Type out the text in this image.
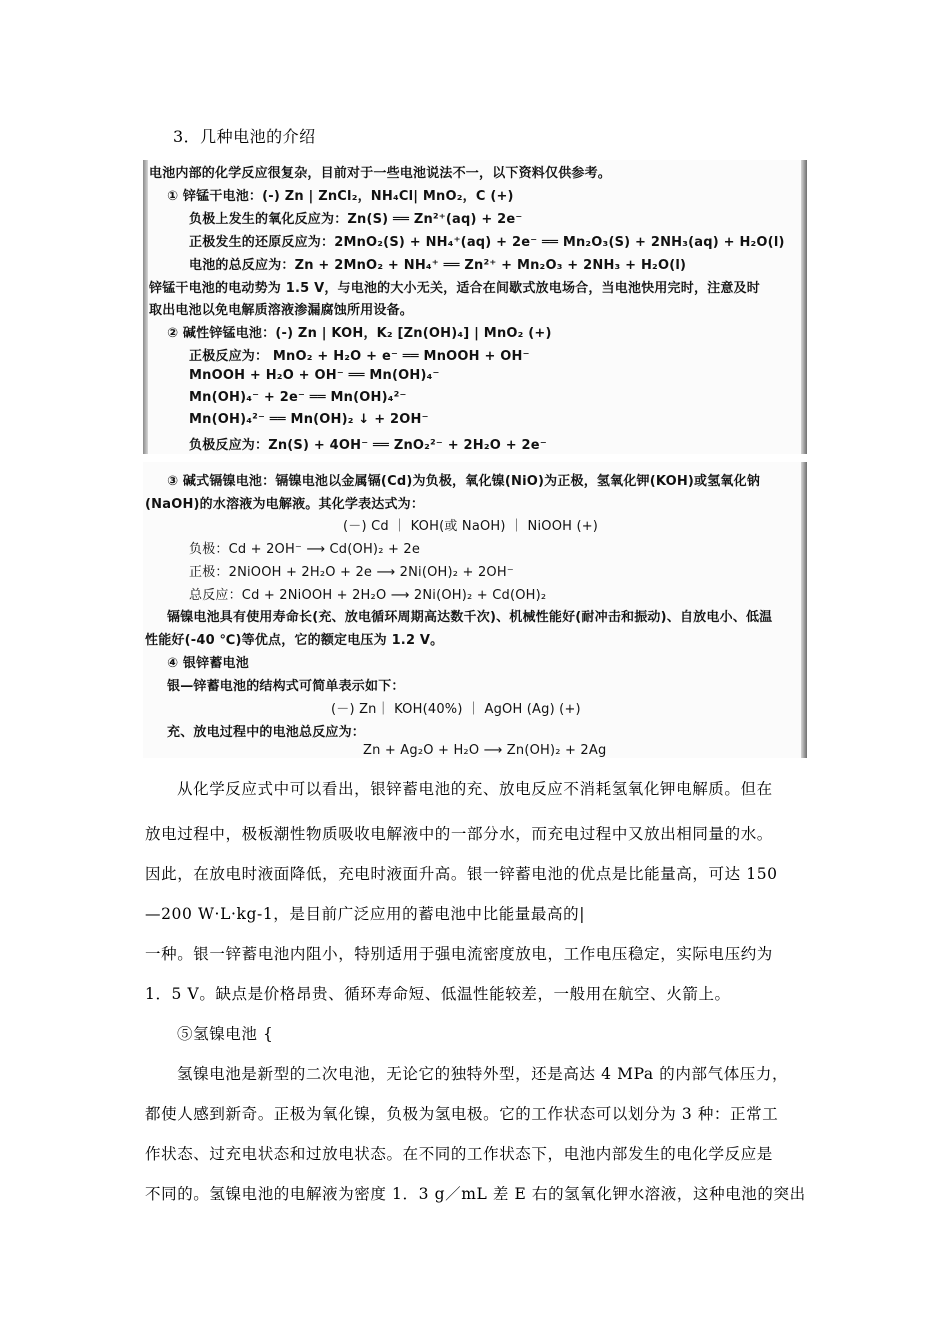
3．几种电池的介绍
电池内部的化学反应很复杂，目前对于一些电池说法不一，以下资料仅供参考。
① 锌锰干电池：(-) Zn | ZnCl₂，NH₄Cl| MnO₂，C (+)
负极上发生的氧化反应为：Zn(S) ══ Zn²⁺(aq) + 2e⁻
正极发生的还原反应为：2MnO₂(S) + NH₄⁺(aq) + 2e⁻ ══ Mn₂O₃(S) + 2NH₃(aq) + H₂O(l)
电池的总反应为：Zn + 2MnO₂ + NH₄⁺ ══ Zn²⁺ + Mn₂O₃ + 2NH₃ + H₂O(l)
锌锰干电池的电动势为 1.5 V，与电池的大小无关，适合在间歇式放电场合，当电池快用完时，注意及时
取出电池以免电解质溶液渗漏腐蚀所用设备。
② 碱性锌锰电池：(-) Zn | KOH，K₂ [Zn(OH)₄] | MnO₂ (+)
正极反应为： MnO₂ + H₂O + e⁻ ══ MnOOH + OH⁻
MnOOH + H₂O + OH⁻ ══ Mn(OH)₄⁻
Mn(OH)₄⁻ + 2e⁻ ══ Mn(OH)₄²⁻
Mn(OH)₄²⁻ ══ Mn(OH)₂ ↓ + 2OH⁻
负极反应为：Zn(S) + 4OH⁻ ══ ZnO₂²⁻ + 2H₂O + 2e⁻
③ 碱式镉镍电池：镉镍电池以金属镉(Cd)为负极，氧化镍(NiO)为正极，氢氧化钾(KOH)或氢氧化钠
(NaOH)的水溶液为电解液。其化学表达式为：
(－) Cd ｜ KOH(或 NaOH) ｜ NiOOH (+)
负极：Cd + 2OH⁻ ⟶ Cd(OH)₂ + 2e
正极：2NiOOH + 2H₂O + 2e ⟶ 2Ni(OH)₂ + 2OH⁻
总反应：Cd + 2NiOOH + 2H₂O ⟶ 2Ni(OH)₂ + Cd(OH)₂
镉镍电池具有使用寿命长(充、放电循环周期高达数千次)、机械性能好(耐冲击和振动)、自放电小、低温
性能好(-40 ℃)等优点，它的额定电压为 1.2 V。
④ 银锌蓄电池
银—锌蓄电池的结构式可简单表示如下：
(－) Zn｜ KOH(40%) ｜ AgOH (Ag) (+)
充、放电过程中的电池总反应为：
Zn + Ag₂O + H₂O ⟶ Zn(OH)₂ + 2Ag
从化学反应式中可以看出，银锌蓄电池的充、放电反应不消耗氢氧化钾电解质。但在
放电过程中，极板潮性物质吸收电解液中的一部分水，而充电过程中又放出相同量的水。
因此，在放电时液面降低，充电时液面升高。银一锌蓄电池的优点是比能量高，可达 150
—200 W·L·kg-1，是目前广泛应用的蓄电池中比能量最高的|
一种。银一锌蓄电池内阻小，特别适用于强电流密度放电，工作电压稳定，实际电压约为
1．5 V。缺点是价格昂贵、循环寿命短、低温性能较差，一般用在航空、火箭上。
⑤氢镍电池 {
氢镍电池是新型的二次电池，无论它的独特外型，还是高达 4 MPa 的内部气体压力，
都使人感到新奇。正极为氧化镍，负极为氢电极。它的工作状态可以划分为 3 种：正常工
作状态、过充电状态和过放电状态。在不同的工作状态下，电池内部发生的电化学反应是
不同的。氢镍电池的电解液为密度 1．3 g／mL 差 E 右的氢氧化钾水溶液，这种电池的突出
